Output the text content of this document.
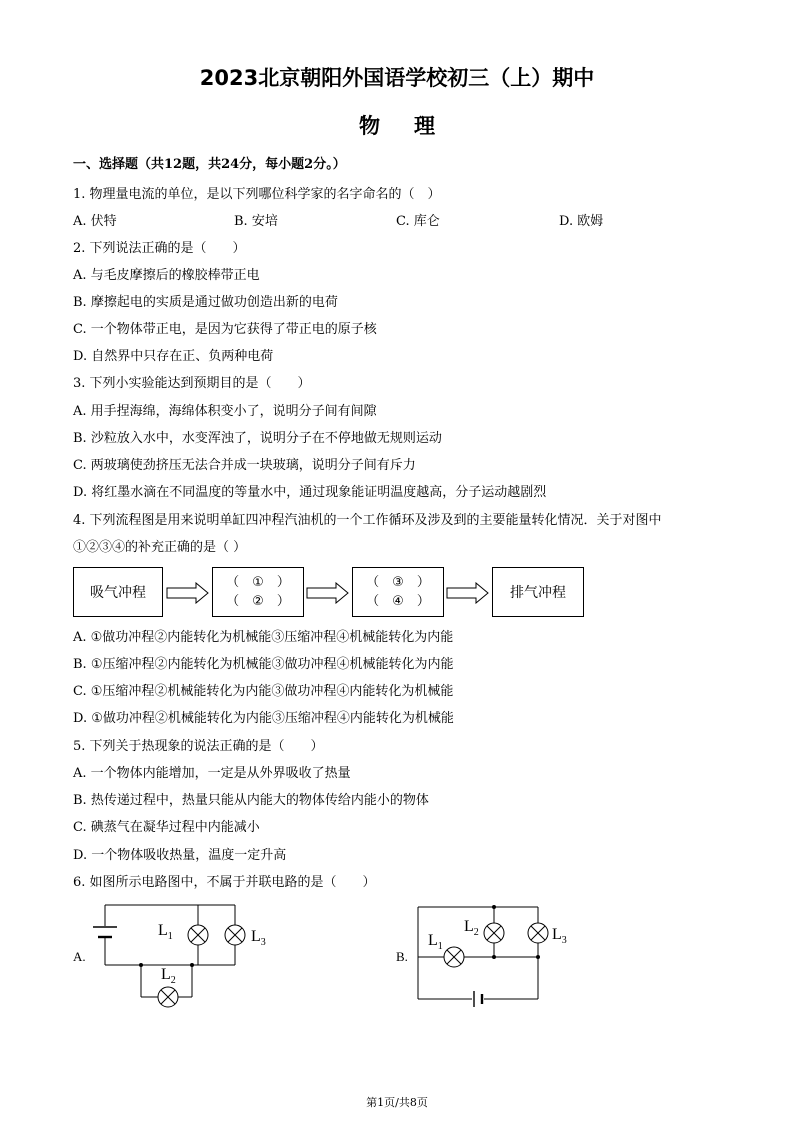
2023北京朝阳外国语学校初三（上）期中
物理
一、选择题（共12题，共24分，每小题2分。）
1. 物理量电流的单位，是以下列哪位科学家的名字命名的（　）
A. 伏特	B. 安培	C. 库仑	D. 欧姆
2. 下列说法正确的是（　　）
A. 与毛皮摩擦后的橡胶棒带正电
B. 摩擦起电的实质是通过做功创造出新的电荷
C. 一个物体带正电，是因为它获得了带正电的原子核
D. 自然界中只存在正、负两种电荷
3. 下列小实验能达到预期目的是（　　）
A. 用手捏海绵，海绵体积变小了，说明分子间有间隙
B. 沙粒放入水中，水变浑浊了，说明分子在不停地做无规则运动
C. 两玻璃使劲挤压无法合并成一块玻璃，说明分子间有斥力
D. 将红墨水滴在不同温度的等量水中，通过现象能证明温度越高，分子运动越剧烈
4. 下列流程图是用来说明单缸四冲程汽油机的一个工作循环及涉及到的主要能量转化情况．关于对图中
①②③④的补充正确的是（ ）
吸气冲程
（　①　）
（　②　）
（　③　）
（　④　）
排气冲程
A. ①做功冲程②内能转化为机械能③压缩冲程④机械能转化为内能
B. ①压缩冲程②内能转化为机械能③做功冲程④机械能转化为内能
C. ①压缩冲程②机械能转化为内能③做功冲程④内能转化为机械能
D. ①做功冲程②机械能转化为内能③压缩冲程④内能转化为机械能
5. 下列关于热现象的说法正确的是（　　）
A. 一个物体内能增加，一定是从外界吸收了热量
B. 热传递过程中，热量只能从内能大的物体传给内能小的物体
C. 碘蒸气在凝华过程中内能减小
D. 一个物体吸收热量，温度一定升高
6. 如图所示电路图中，不属于并联电路的是（　　）
A.
$L_1$	$L_3$
$L_2$
B.
$L_1$
$L_2$	$L_3$
第1页/共8页
